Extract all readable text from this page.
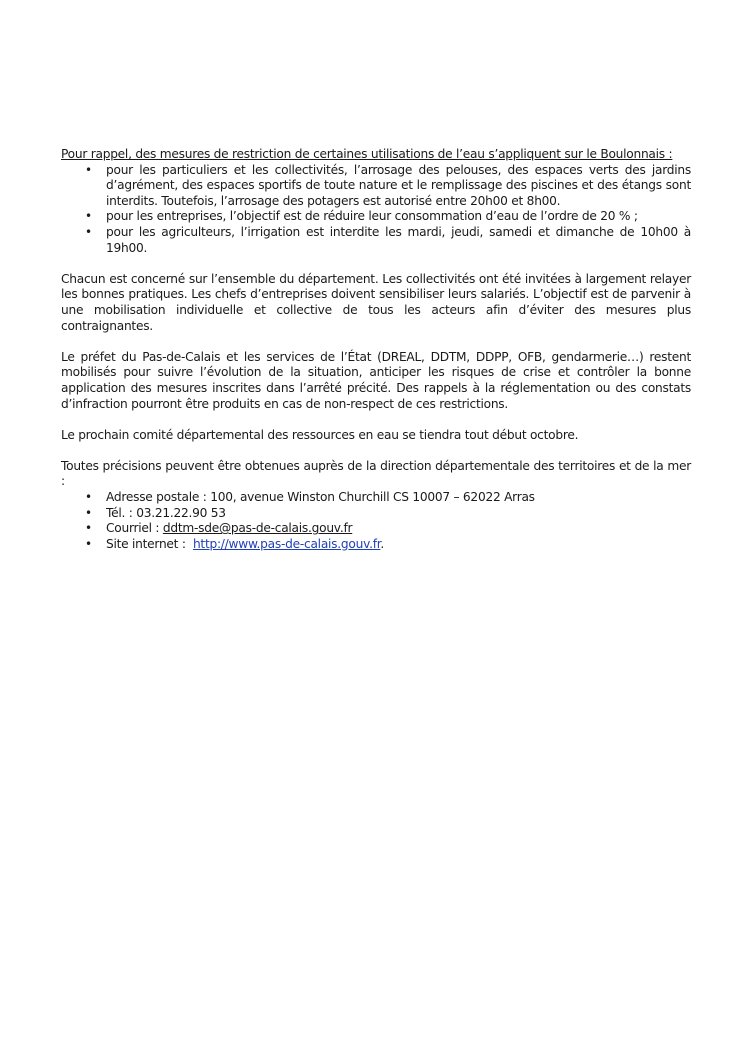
Pour rappel, des mesures de restriction de certaines utilisations de l’eau s’appliquent sur le Boulonnais :

• pour les particuliers et les collectivités, l’arrosage des pelouses, des espaces verts des jardins d’agrément, des espaces sportifs de toute nature et le remplissage des piscines et des étangs sont interdits. Toutefois, l’arrosage des potagers est autorisé entre 20h00 et 8h00.
• pour les entreprises, l’objectif est de réduire leur consommation d’eau de l’ordre de 20 % ;
• pour les agriculteurs, l’irrigation est interdite les mardi, jeudi, samedi et dimanche de 10h00 à 19h00.

Chacun est concerné sur l’ensemble du département. Les collectivités ont été invitées à largement relayer les bonnes pratiques. Les chefs d’entreprises doivent sensibiliser leurs salariés. L’objectif est de parvenir à une mobilisation individuelle et collective de tous les acteurs afin d’éviter des mesures plus contraignantes.

Le préfet du Pas-de-Calais et les services de l’État (DREAL, DDTM, DDPP, OFB, gendarmerie…) restent mobilisés pour suivre l’évolution de la situation, anticiper les risques de crise et contrôler la bonne application des mesures inscrites dans l’arrêté précité. Des rappels à la réglementation ou des constats d’infraction pourront être produits en cas de non-respect de ces restrictions.

Le prochain comité départemental des ressources en eau se tiendra tout début octobre.

Toutes précisions peuvent être obtenues auprès de la direction départementale des territoires et de la mer :

• Adresse postale : 100, avenue Winston Churchill CS 10007 – 62022 Arras
• Tél. : 03.21.22.90 53
• Courriel : ddtm-sde@pas-de-calais.gouv.fr
• Site internet :  http://www.pas-de-calais.gouv.fr.
